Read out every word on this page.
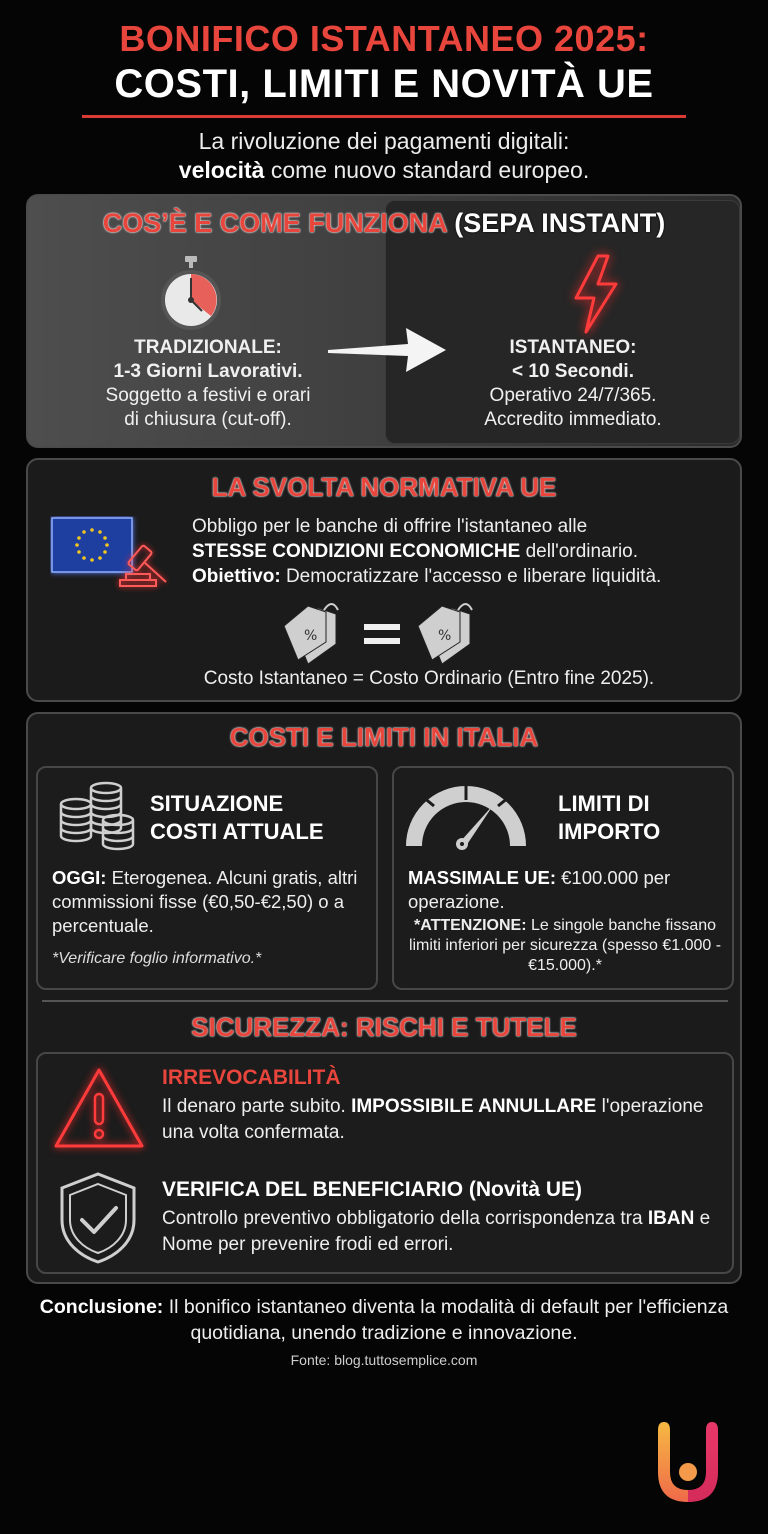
BONIFICO ISTANTANEO 2025:
COSTI, LIMITI E NOVITÀ UE
La rivoluzione dei pagamenti digitali:
velocità come nuovo standard europeo.
COS’È E COME FUNZIONA (SEPA INSTANT)
TRADIZIONALE:
1-3 Giorni Lavorativi.
Soggetto a festivi e orari
di chiusura (cut-off).
ISTANTANEO:
< 10 Secondi.
Operativo 24/7/365.
Accredito immediato.
LA SVOLTA NORMATIVA UE
Obbligo per le banche di offrire l'istantaneo alle
STESSE CONDIZIONI ECONOMICHE dell'ordinario.
Obiettivo: Democratizzare l'accesso e liberare liquidità.
%	%
Costo Istantaneo = Costo Ordinario (Entro fine 2025).
COSTI E LIMITI IN ITALIA
SITUAZIONE
COSTI ATTUALE
OGGI: Eterogenea. Alcuni gratis, altri commissioni fisse (€0,50-€2,50) o a percentuale.
*Verificare foglio informativo.*
LIMITI DI
IMPORTO
MASSIMALE UE: €100.000 per operazione.
*ATTENZIONE: Le singole banche fissano limiti inferiori per sicurezza (spesso €1.000 - €15.000).*
SICUREZZA: RISCHI E TUTELE
IRREVOCABILITÀ
Il denaro parte subito. IMPOSSIBILE ANNULLARE l'operazione una volta confermata.
VERIFICA DEL BENEFICIARIO (Novità UE)
Controllo preventivo obbligatorio della corrispondenza tra IBAN e Nome per prevenire frodi ed errori.
Conclusione: Il bonifico istantaneo diventa la modalità di default per l'efficienza quotidiana, unendo tradizione e innovazione.
Fonte: blog.tuttosemplice.com
